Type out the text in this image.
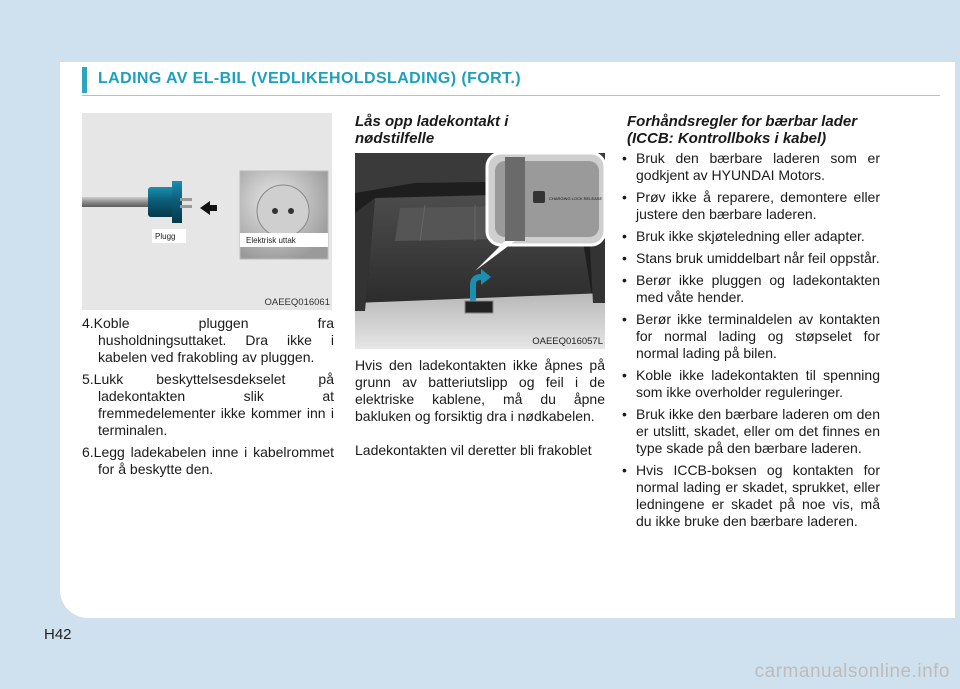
LADING AV EL-BIL (VEDLIKEHOLDSLADING) (FORT.)
Plugg	Elektrisk uttak
OAEEQ016061
4.Koble pluggen fra husholdningsuttaket. Dra ikke i kabelen ved frakobling av pluggen.
5.Lukk beskyttelsesdekselet på ladekontakten slik at fremmedelementer ikke kommer inn i terminalen.
6.Legg ladekabelen inne i kabelrommet for å beskytte den.
Lås opp ladekontakt i nødstilfelle
CHARGING LOCK RELEASE
OAEEQ016057L
Hvis den ladekontakten ikke åpnes på grunn av batteriutslipp og feil i de elektriske kablene, må du åpne bakluken og forsiktig dra i nødkabelen.
Ladekontakten vil deretter bli frakoblet
Forhåndsregler for bærbar lader (ICCB: Kontrollboks i kabel)
• Bruk den bærbare laderen som er godkjent av HYUNDAI Motors.
• Prøv ikke å reparere, demontere eller justere den bærbare laderen.
• Bruk ikke skjøteledning eller adapter.
• Stans bruk umiddelbart når feil oppstår.
• Berør ikke pluggen og ladekontakten med våte hender.
• Berør ikke terminaldelen av kontakten for normal lading og støpselet for normal lading på bilen.
• Koble ikke ladekontakten til spenning som ikke overholder reguleringer.
• Bruk ikke den bærbare laderen om den er utslitt, skadet, eller om det finnes en type skade på den bærbare laderen.
• Hvis ICCB-boksen og kontakten for normal lading er skadet, sprukket, eller ledningene er skadet på noe vis, må du ikke bruke den bærbare laderen.
H42
carmanualsonline.info
